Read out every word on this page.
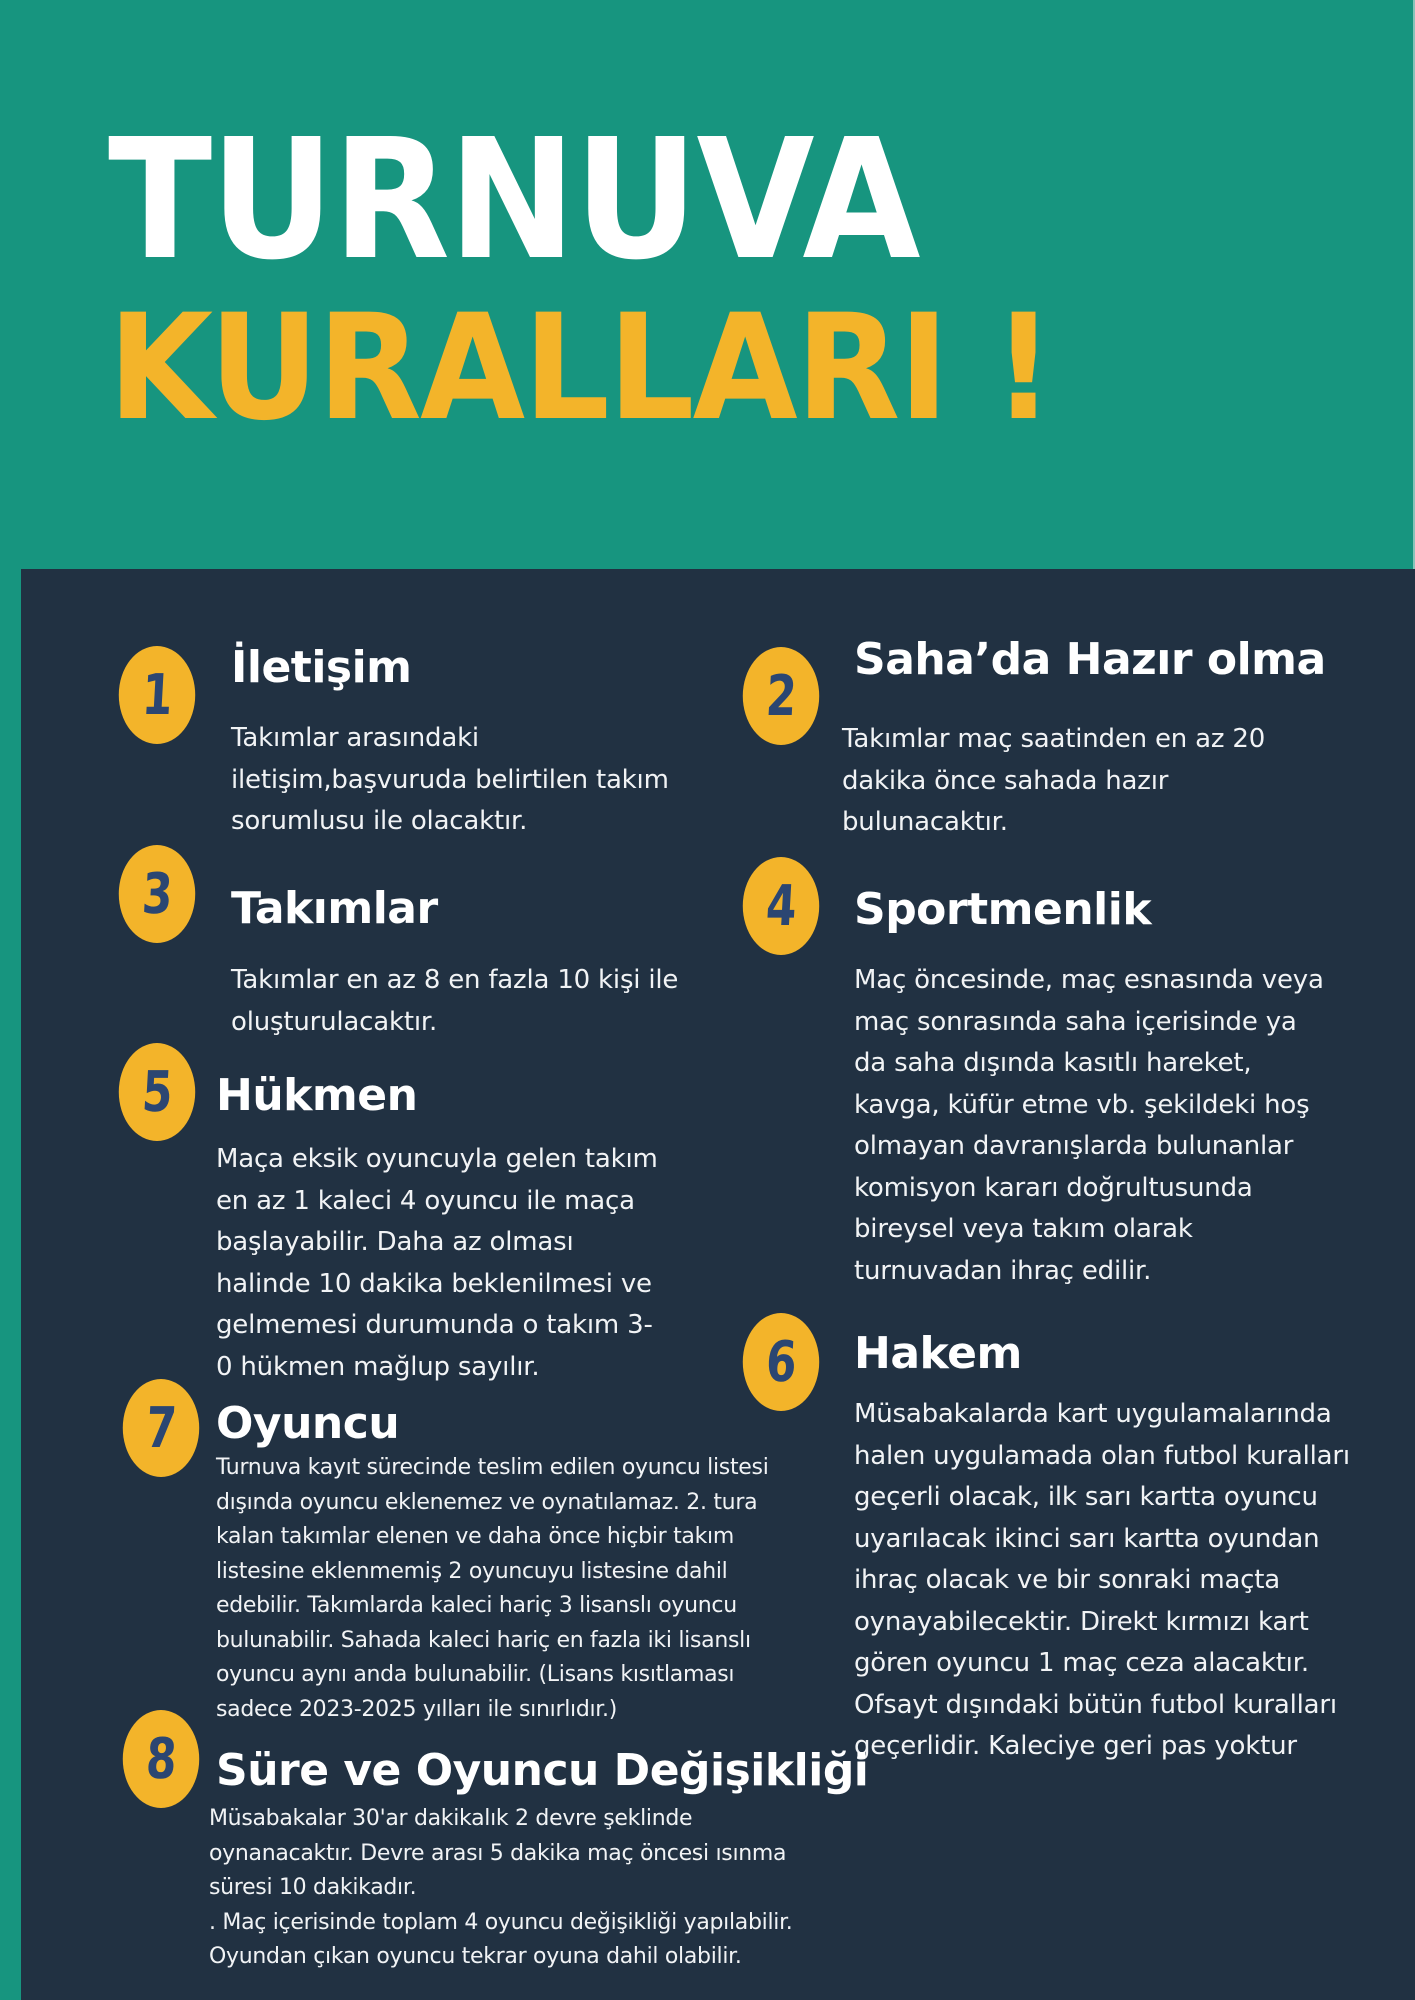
TURNUVA
KURALLARI !
1 İletişim
Takımlar arasındaki
iletişim,başvuruda belirtilen takım
sorumlusu ile olacaktır.
2
Saha’da Hazır olma
Takımlar maç saatinden en az 20
dakika önce sahada hazır
bulunacaktır.
3 Takımlar
Takımlar en az 8 en fazla 10 kişi ile
oluşturulacaktır.
4 Sportmenlik
Maç öncesinde, maç esnasında veya
maç sonrasında saha içerisinde ya
da saha dışında kasıtlı hareket,
kavga, küfür etme vb. şekildeki hoş
olmayan davranışlarda bulunanlar
komisyon kararı doğrultusunda
bireysel veya takım olarak
turnuvadan ihraç edilir.
5 Hükmen
Maça eksik oyuncuyla gelen takım
en az 1 kaleci 4 oyuncu ile maça
başlayabilir. Daha az olması
halinde 10 dakika beklenilmesi ve
gelmemesi durumunda o takım 3-
0 hükmen mağlup sayılır.	6 Hakem
Müsabakalarda kart uygulamalarında
halen uygulamada olan futbol kuralları
geçerli olacak, ilk sarı kartta oyuncu
uyarılacak ikinci sarı kartta oyundan
ihraç olacak ve bir sonraki maçta
oynayabilecektir. Direkt kırmızı kart
gören oyuncu 1 maç ceza alacaktır.
Ofsayt dışındaki bütün futbol kuralları
geçerlidir. Kaleciye geri pas yoktur
7 Oyuncu
Turnuva kayıt sürecinde teslim edilen oyuncu listesi
dışında oyuncu eklenemez ve oynatılamaz. 2. tura
kalan takımlar elenen ve daha önce hiçbir takım
listesine eklenmemiş 2 oyuncuyu listesine dahil
edebilir. Takımlarda kaleci hariç 3 lisanslı oyuncu
bulunabilir. Sahada kaleci hariç en fazla iki lisanslı
oyuncu aynı anda bulunabilir. (Lisans kısıtlaması
sadece 2023-2025 yılları ile sınırlıdır.)
8 Süre ve Oyuncu Değişikliği
Müsabakalar 30'ar dakikalık 2 devre şeklinde
oynanacaktır. Devre arası 5 dakika maç öncesi ısınma
süresi 10 dakikadır.
. Maç içerisinde toplam 4 oyuncu değişikliği yapılabilir.
Oyundan çıkan oyuncu tekrar oyuna dahil olabilir.
